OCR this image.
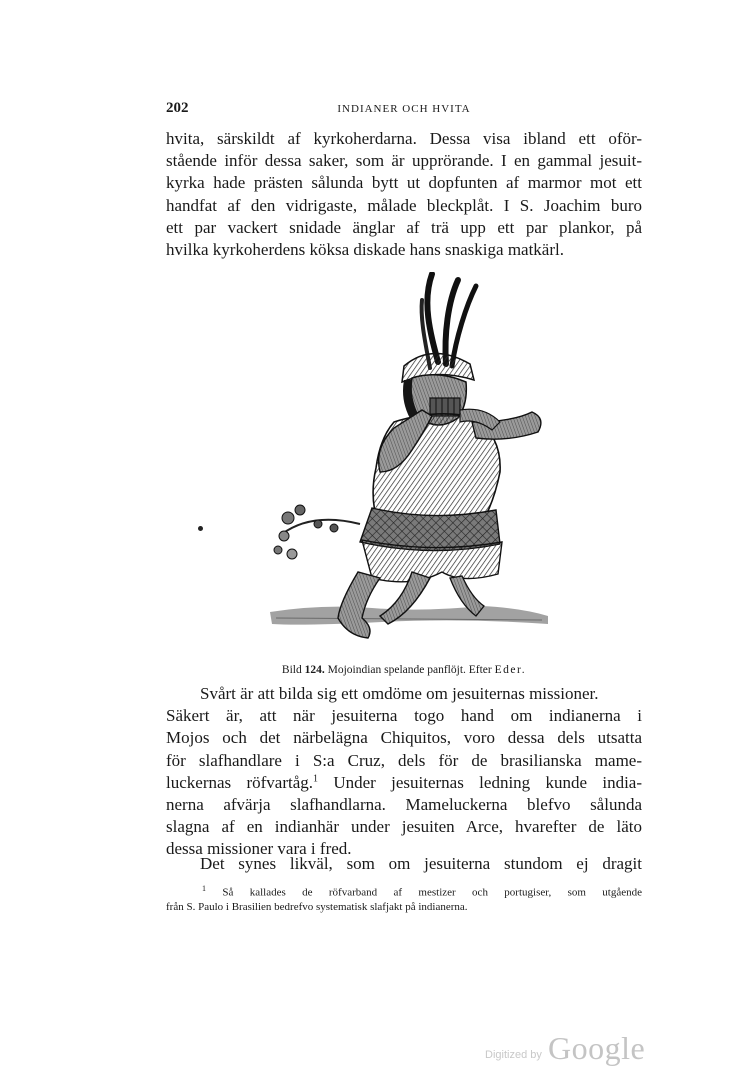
202	INDIANER OCH HVITA

hvita, särskildt af kyrkoherdarna. Dessa visa ibland ett oför-
stående inför dessa saker, som är upprörande. I en gammal jesuit-
kyrka hade prästen sålunda bytt ut dopfunten af marmor mot ett
handfat af den vidrigaste, målade bleckplåt. I S. Joachim buro
ett par vackert snidade änglar af trä upp ett par plankor, på
hvilka kyrkoherdens köksa diskade hans snaskiga matkärl.

Bild 124. Mojoindian spelande panflöjt. Efter Eder.

Svårt är att bilda sig ett omdöme om jesuiternas missioner.
Säkert är, att när jesuiterna togo hand om indianerna i
Mojos och det närbelägna Chiquitos, voro dessa dels utsatta
för slafhandlare i S:a Cruz, dels för de brasilianska mame-
luckernas röfvartåg.$^1$ Under jesuiternas ledning kunde india-
nerna afvärja slafhandlarna. Mameluckerna blefvo sålunda
slagna af en indianhär under jesuiten Arce, hvarefter de läto
dessa missioner vara i fred.

Det synes likväl, som om jesuiterna stundom ej dragit

$^1$ Så kallades de röfvarband af mestizer och portugiser, som utgående
från S. Paulo i Brasilien bedrefvo systematisk slafjakt på indianerna.
Digitized by Google
